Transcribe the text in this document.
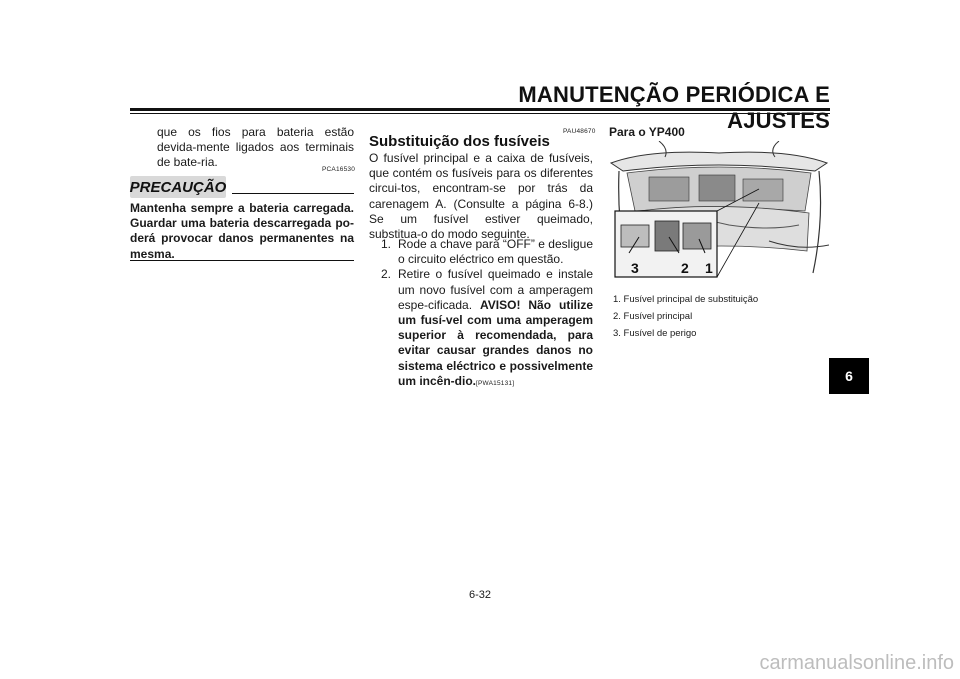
MANUTENÇÃO PERIÓDICA E AJUSTES
que os fios para bateria estão devida-mente ligados aos terminais de bate-ria.
PCA16530
PRECAUÇÃO
Mantenha sempre a bateria carregada. Guardar uma bateria descarregada po-derá provocar danos permanentes na mesma.
PAU48670
Substituição dos fusíveis
O fusível principal e a caixa de fusíveis, que contém os fusíveis para os diferentes circui-tos, encontram-se por trás da carenagem A. (Consulte a página 6-8.) Se um fusível estiver queimado, substitua-o do modo seguinte.
1. Rode a chave para “OFF” e desligue o circuito eléctrico em questão.
2. Retire o fusível queimado e instale um novo fusível com a amperagem espe-cificada. AVISO! Não utilize um fusí-vel com uma amperagem superior à recomendada, para evitar causar grandes danos no sistema eléctrico e possivelmente um incên-dio.[PWA15131]
Para o YP400
3	2 1
1. Fusível principal de substituição
2. Fusível principal
3. Fusível de perigo
6-32
6
carmanualsonline.info
